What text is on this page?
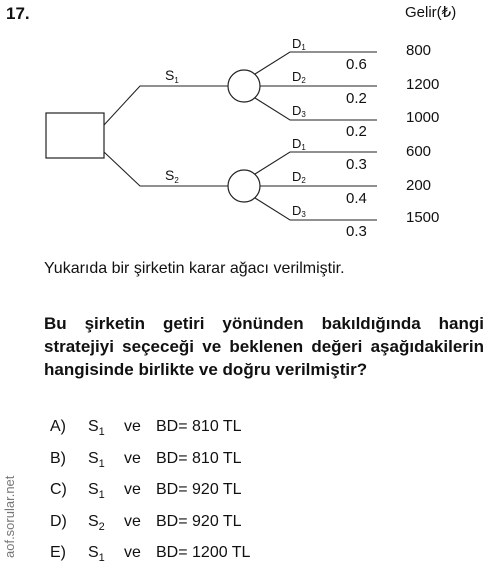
17.	Gelir(₺)
$S_1$
$S_2$
D1
D2
D3
D1
D2
D3
0.6
0.2
0.2
0.3
0.4
0.3
800
1200
1000
600
200
1500

Yukarıda bir şirketin karar ağacı verilmiştir.

Bu şirketin getiri yönünden bakıldığında hangi stratejiyi seçeceği ve beklenen değeri aşağıdakilerin hangisinde birlikte ve doğru verilmiştir?

A)	$S_1$	ve BD= 810 TL
B)	$S_1$	ve BD= 810 TL
C)	$S_1$	ve BD= 920 TL
D)	$S_2$	ve BD= 920 TL
E)	$S_1$	ve BD= 1200 TL
aof.sorular.net
